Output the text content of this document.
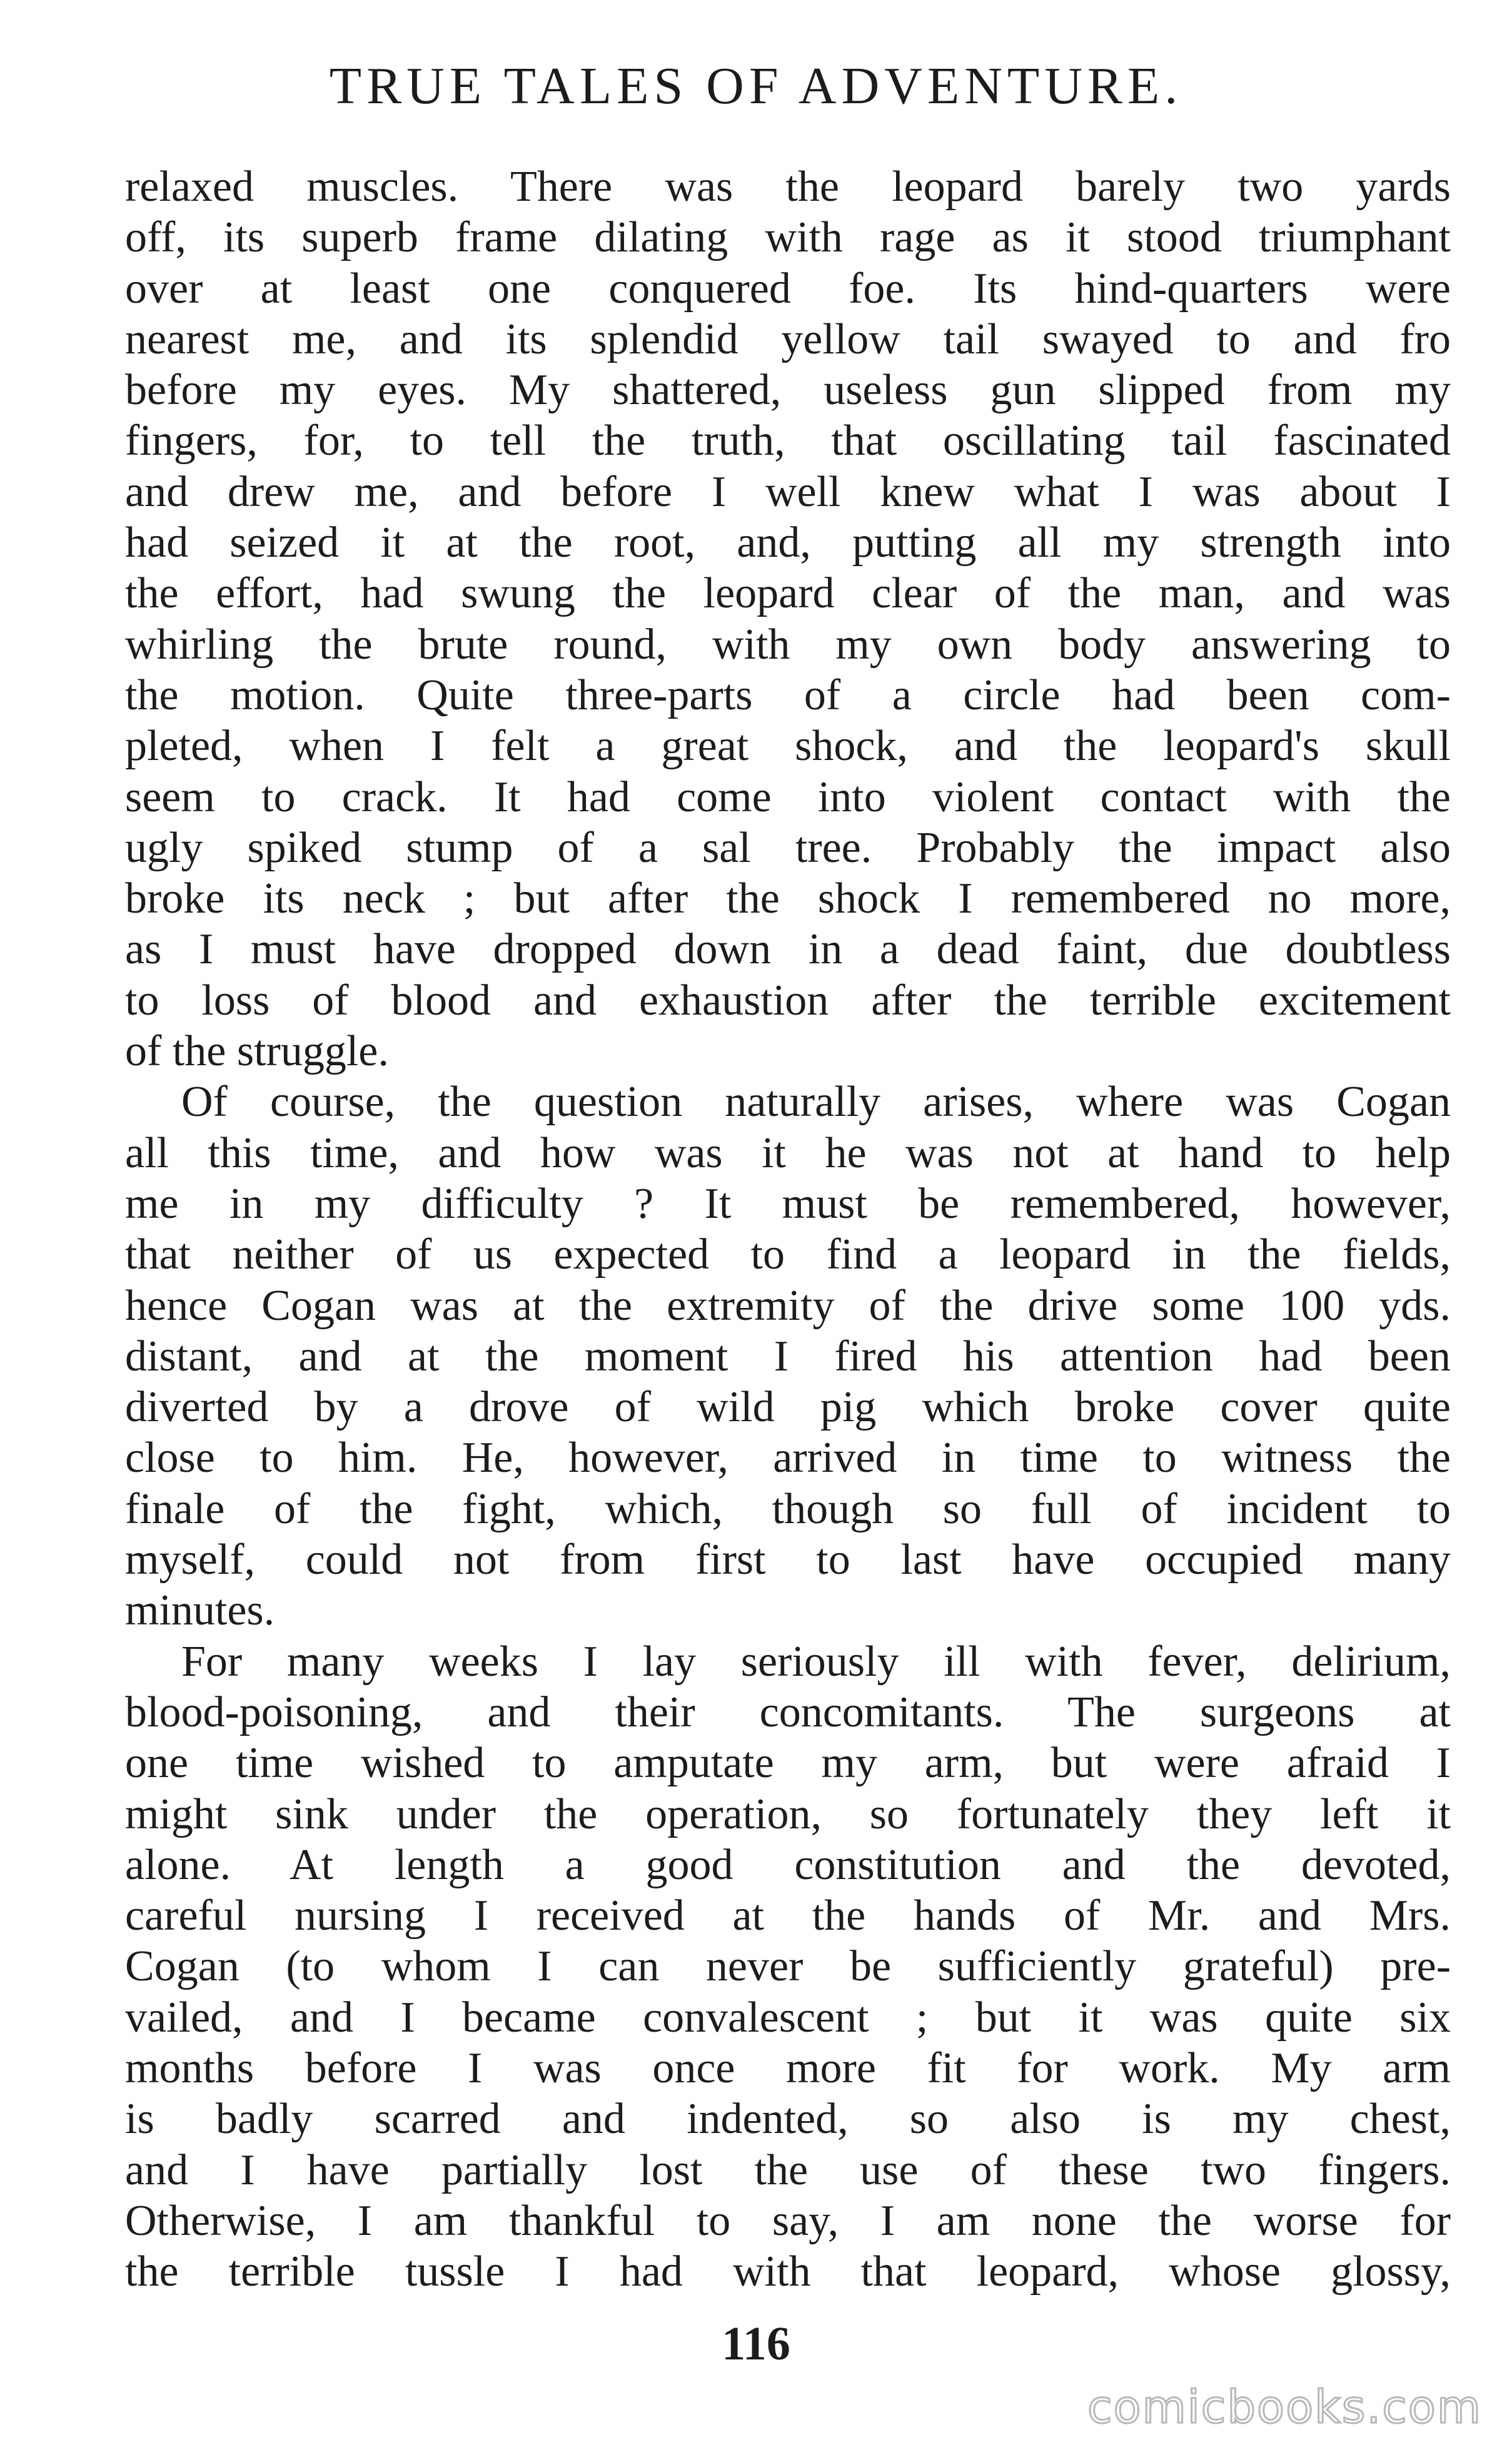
TRUE TALES OF ADVENTURE.
relaxed muscles. There was the leopard barely two yards
off, its superb frame dilating with rage as it stood triumphant
over at least one conquered foe. Its hind-quarters were
nearest me, and its splendid yellow tail swayed to and fro
before my eyes. My shattered, useless gun slipped from my
fingers, for, to tell the truth, that oscillating tail fascinated
and drew me, and before I well knew what I was about I
had seized it at the root, and, putting all my strength into
the effort, had swung the leopard clear of the man, and was
whirling the brute round, with my own body answering to
the motion. Quite three-parts of a circle had been com-
pleted, when I felt a great shock, and the leopard's skull
seem to crack. It had come into violent contact with the
ugly spiked stump of a sal tree. Probably the impact also
broke its neck ; but after the shock I remembered no more,
as I must have dropped down in a dead faint, due doubtless
to loss of blood and exhaustion after the terrible excitement
of the struggle.
Of course, the question naturally arises, where was Cogan
all this time, and how was it he was not at hand to help
me in my difficulty ? It must be remembered, however,
that neither of us expected to find a leopard in the fields,
hence Cogan was at the extremity of the drive some 100 yds.
distant, and at the moment I fired his attention had been
diverted by a drove of wild pig which broke cover quite
close to him. He, however, arrived in time to witness the
finale of the fight, which, though so full of incident to
myself, could not from first to last have occupied many
minutes.
For many weeks I lay seriously ill with fever, delirium,
blood-poisoning, and their concomitants. The surgeons at
one time wished to amputate my arm, but were afraid I
might sink under the operation, so fortunately they left it
alone. At length a good constitution and the devoted,
careful nursing I received at the hands of Mr. and Mrs.
Cogan (to whom I can never be sufficiently grateful) pre-
vailed, and I became convalescent ; but it was quite six
months before I was once more fit for work. My arm
is badly scarred and indented, so also is my chest,
and I have partially lost the use of these two fingers.
Otherwise, I am thankful to say, I am none the worse for
the terrible tussle I had with that leopard, whose glossy,
116
comicbooks.com
